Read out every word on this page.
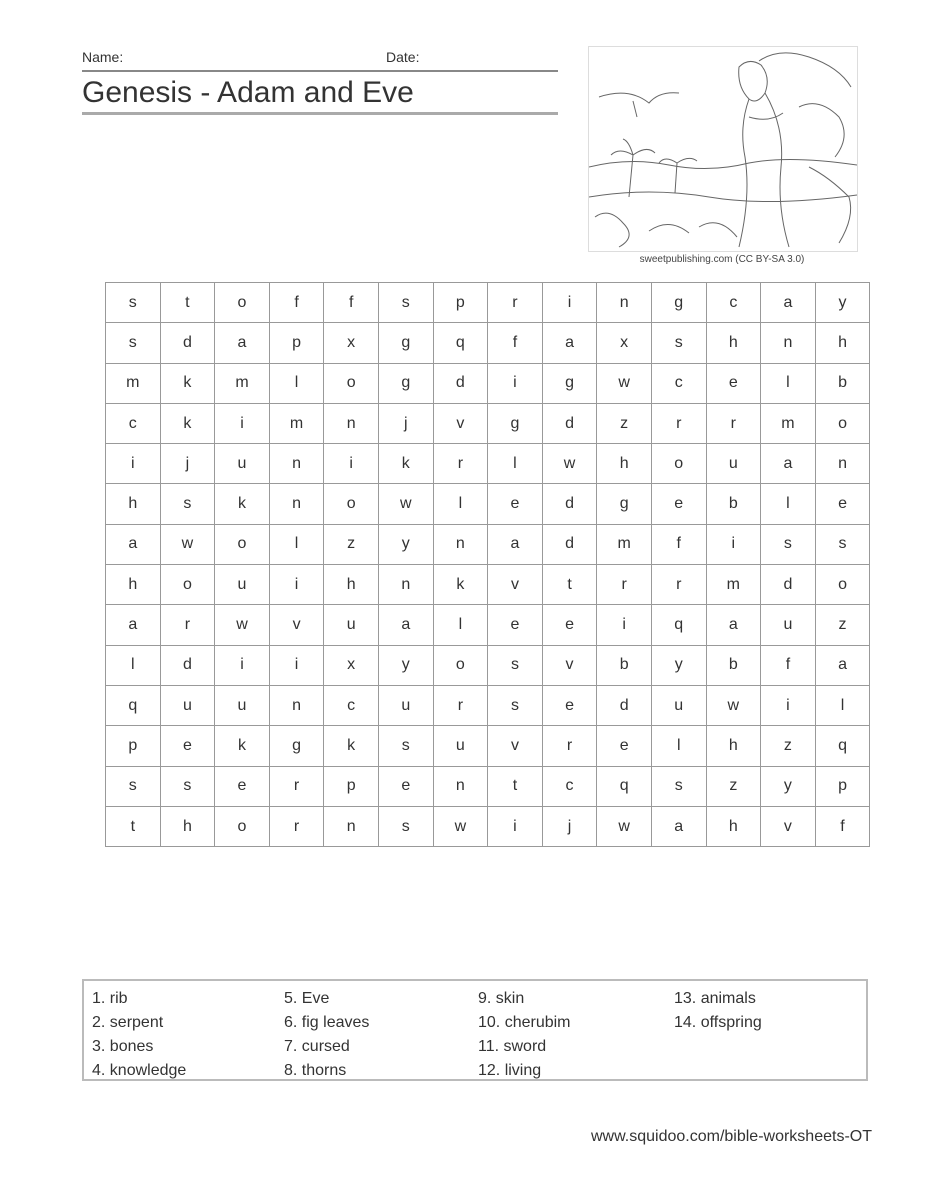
Name:	Date:
Genesis - Adam and Eve
sweetpublishing.com (CC BY-SA 3.0)
s	t	o	f	f	s	p	r	i	n	g	c	a	y
s	d	a	p	x	g	q	f	a	x	s	h	n	h
m	k	m	l	o	g	d	i	g	w	c	e	l	b
c	k	i	m	n	j	v	g	d	z	r	r	m	o
i	j	u	n	i	k	r	l	w	h	o	u	a	n
h	s	k	n	o	w	l	e	d	g	e	b	l	e
a	w	o	l	z	y	n	a	d	m	f	i	s	s
h	o	u	i	h	n	k	v	t	r	r	m	d	o
a	r	w	v	u	a	l	e	e	i	q	a	u	z
l	d	i	i	x	y	o	s	v	b	y	b	f	a
q	u	u	n	c	u	r	s	e	d	u	w	i	l
p	e	k	g	k	s	u	v	r	e	l	h	z	q
s	s	e	r	p	e	n	t	c	q	s	z	y	p
t	h	o	r	n	s	w	i	j	w	a	h	v	f
1. rib
2. serpent
3. bones
4. knowledge
5. Eve
6. fig leaves
7. cursed
8. thorns
9. skin
10. cherubim
11. sword
12. living
13. animals
14. offspring
www.squidoo.com/bible-worksheets-OT
